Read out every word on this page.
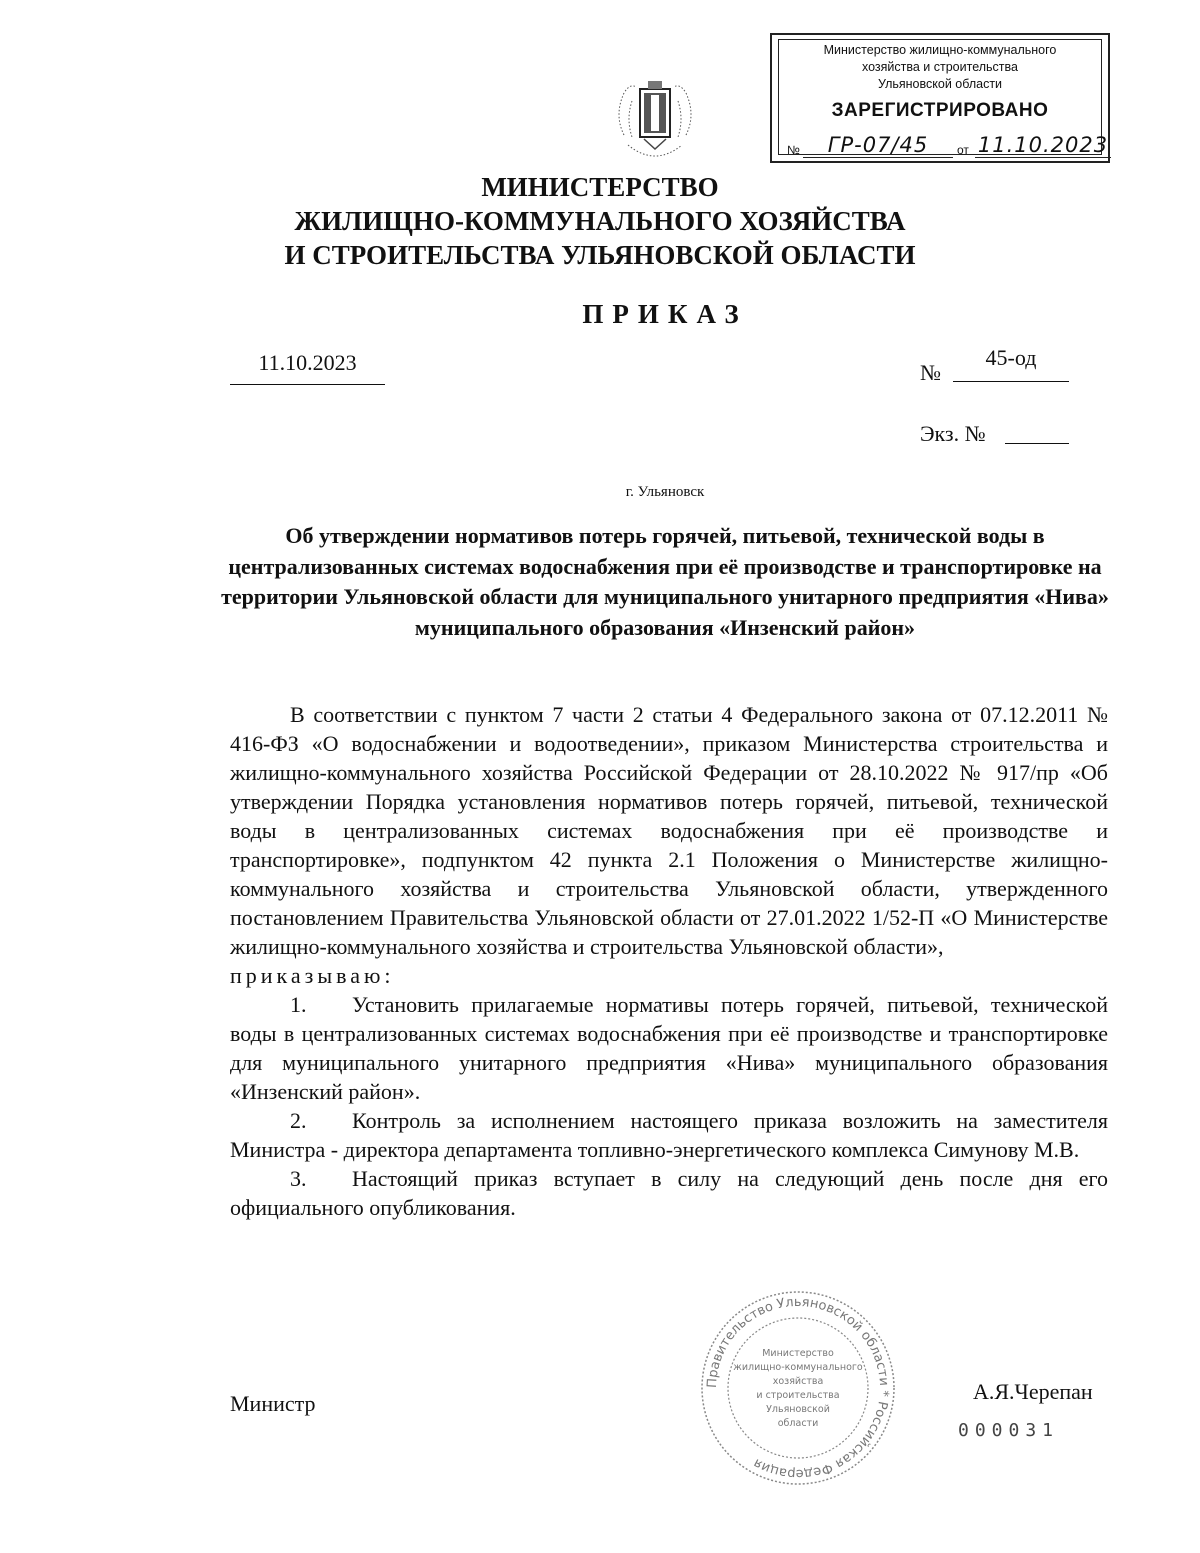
Министерство жилищно-коммунального
хозяйства и строительства
Ульяновской области
ЗАРЕГИСТРИРОВАНО
№	ГР-07/45	от 11.10.2023
МИНИСТЕРСТВО
ЖИЛИЩНО-КОММУНАЛЬНОГО ХОЗЯЙСТВА
И СТРОИТЕЛЬСТВА УЛЬЯНОВСКОЙ ОБЛАСТИ
ПРИКАЗ
11.10.2023	№
45-од
Экз. №
г. Ульяновск
Об утверждении нормативов потерь горячей, питьевой, технической воды в централизованных системах водоснабжения при её производстве и транспортировке на территории Ульяновской области для муниципального унитарного предприятия «Нива» муниципального образования «Инзенский район»

В соответствии с пунктом 7 части 2 статьи 4 Федерального закона от 07.12.2011 № 416-ФЗ «О водоснабжении и водоотведении», приказом Министерства строительства и жилищно-коммунального хозяйства Российской Федерации от 28.10.2022 № 917/пр «Об утверждении Порядка установления нормативов потерь горячей, питьевой, технической воды в централизованных системах водоснабжения при её производстве и транспортировке», подпунктом 42 пункта 2.1 Положения о Министерстве жилищно-коммунального хозяйства и строительства Ульяновской области, утвержденного постановлением Правительства Ульяновской области от 27.01.2022 1/52-П «О Министерстве жилищно-коммунального хозяйства и строительства Ульяновской области»,
приказываю:

1. Установить прилагаемые нормативы потерь горячей, питьевой, технической воды в централизованных системах водоснабжения при её производстве и транспортировке для муниципального унитарного предприятия «Нива» муниципального образования «Инзенский район».

2. Контроль за исполнением настоящего приказа возложить на заместителя Министра - директора департамента топливно-энергетического комплекса Симунову М.В.

3. Настоящий приказ вступает в силу на следующий день после дня его официального опубликования.

Правительство Ульяновской области * Российская Федерация
Министерство
жилищно-коммунального
хозяйства
и строительства
Ульяновской
области
Министр	А.Я.Черепан
000031
